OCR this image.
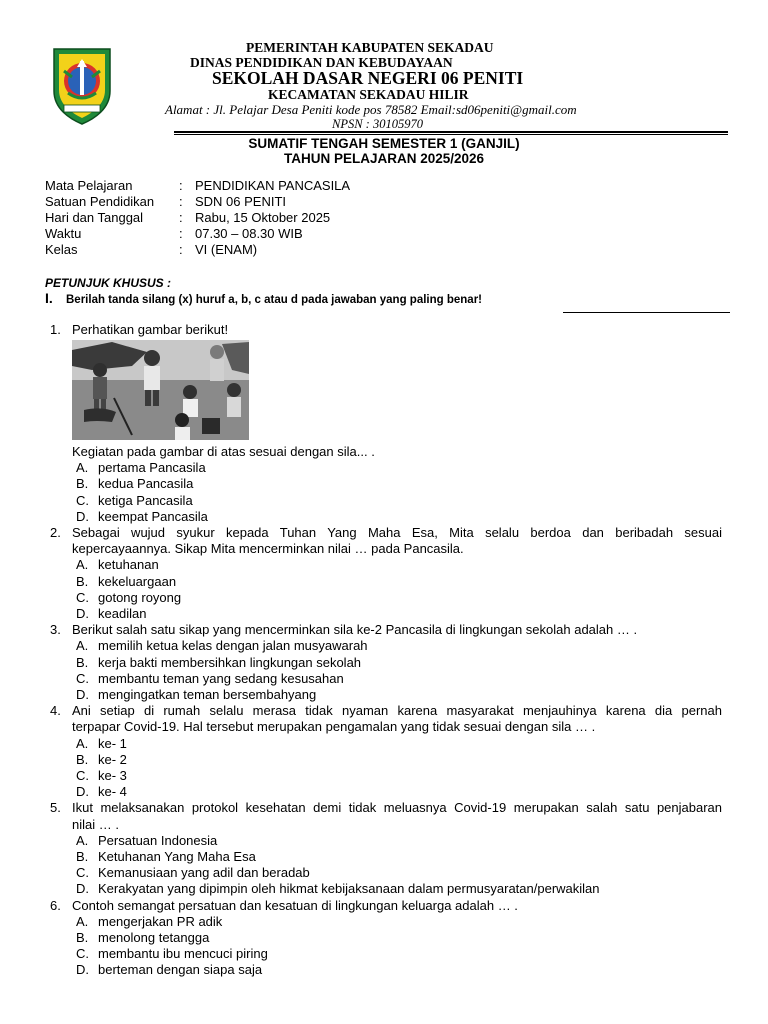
PEMERINTAH KABUPATEN SEKADAU
DINAS PENDIDIKAN DAN KEBUDAYAAN
SEKOLAH DASAR NEGERI 06 PENITI
KECAMATAN SEKADAU HILIR
Alamat : Jl. Pelajar Desa Peniti kode pos 78582 Email:sd06peniti@gmail.com
NPSN : 30105970
SUMATIF TENGAH SEMESTER 1 (GANJIL)
TAHUN PELAJARAN 2025/2026
Mata Pelajaran	: PENDIDIKAN PANCASILA
Satuan Pendidikan	: SDN 06 PENITI
Hari dan Tanggal	: Rabu, 15 Oktober 2025
Waktu	: 07.30 – 08.30 WIB
Kelas	: VI (ENAM)
PETUNJUK KHUSUS :
I. Berilah tanda silang (x) huruf a, b, c atau d pada jawaban yang paling benar!
1. Perhatikan gambar berikut!
Kegiatan pada gambar di atas sesuai dengan sila... .
A. pertama Pancasila
B. kedua Pancasila
C. ketiga Pancasila
D. keempat Pancasila
2. Sebagai wujud syukur kepada Tuhan Yang Maha Esa, Mita selalu berdoa dan beribadah sesuai
kepercayaannya. Sikap Mita mencerminkan nilai … pada Pancasila.
A. ketuhanan
B. kekeluargaan
C. gotong royong
D. keadilan
3. Berikut salah satu sikap yang mencerminkan sila ke-2 Pancasila di lingkungan sekolah adalah … .
A. memilih ketua kelas dengan jalan musyawarah
B. kerja bakti membersihkan lingkungan sekolah
C. membantu teman yang sedang kesusahan
D. mengingatkan teman bersembahyang
4. Ani setiap di rumah selalu merasa tidak nyaman karena masyarakat menjauhinya karena dia pernah
terpapar Covid-19. Hal tersebut merupakan pengamalan yang tidak sesuai dengan sila … .
A. ke- 1
B. ke- 2
C. ke- 3
D. ke- 4
5. Ikut melaksanakan protokol kesehatan demi tidak meluasnya Covid-19 merupakan salah satu penjabaran
nilai … .
A. Persatuan Indonesia
B. Ketuhanan Yang Maha Esa
C. Kemanusiaan yang adil dan beradab
D. Kerakyatan yang dipimpin oleh hikmat kebijaksanaan dalam permusyaratan/perwakilan
6. Contoh semangat persatuan dan kesatuan di lingkungan keluarga adalah … .
A. mengerjakan PR adik
B. menolong tetangga
C. membantu ibu mencuci piring
D. berteman dengan siapa saja
